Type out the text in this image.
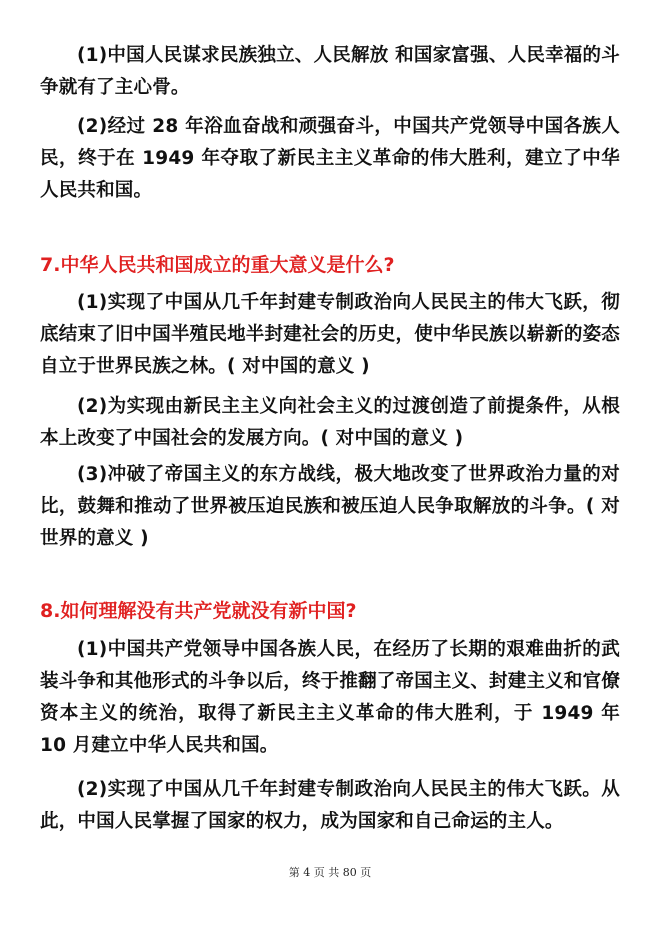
(1)中国人民谋求民族独立、人民解放 和国家富强、人民幸福的斗争就有了主心骨。

(2)经过 28 年浴血奋战和顽强奋斗，中国共产党领导中国各族人民，终于在 1949 年夺取了新民主主义革命的伟大胜利，建立了中华人民共和国。

7.中华人民共和国成立的重大意义是什么?

(1)实现了中国从几千年封建专制政治向人民民主的伟大飞跃，彻底结束了旧中国半殖民地半封建社会的历史，使中华民族以崭新的姿态自立于世界民族之林。( 对中国的意义 )

(2)为实现由新民主主义向社会主义的过渡创造了前提条件，从根本上改变了中国社会的发展方向。( 对中国的意义 )

(3)冲破了帝国主义的东方战线，极大地改变了世界政治力量的对比，鼓舞和推动了世界被压迫民族和被压迫人民争取解放的斗争。( 对世界的意义 )

8.如何理解没有共产党就没有新中国?

(1)中国共产党领导中国各族人民，在经历了长期的艰难曲折的武装斗争和其他形式的斗争以后，终于推翻了帝国主义、封建主义和官僚资本主义的统治，取得了新民主主义革命的伟大胜利，于 1949 年 10 月建立中华人民共和国。

(2)实现了中国从几千年封建专制政治向人民民主的伟大飞跃。从此，中国人民掌握了国家的权力，成为国家和自己命运的主人。

第 4 页 共 80 页
